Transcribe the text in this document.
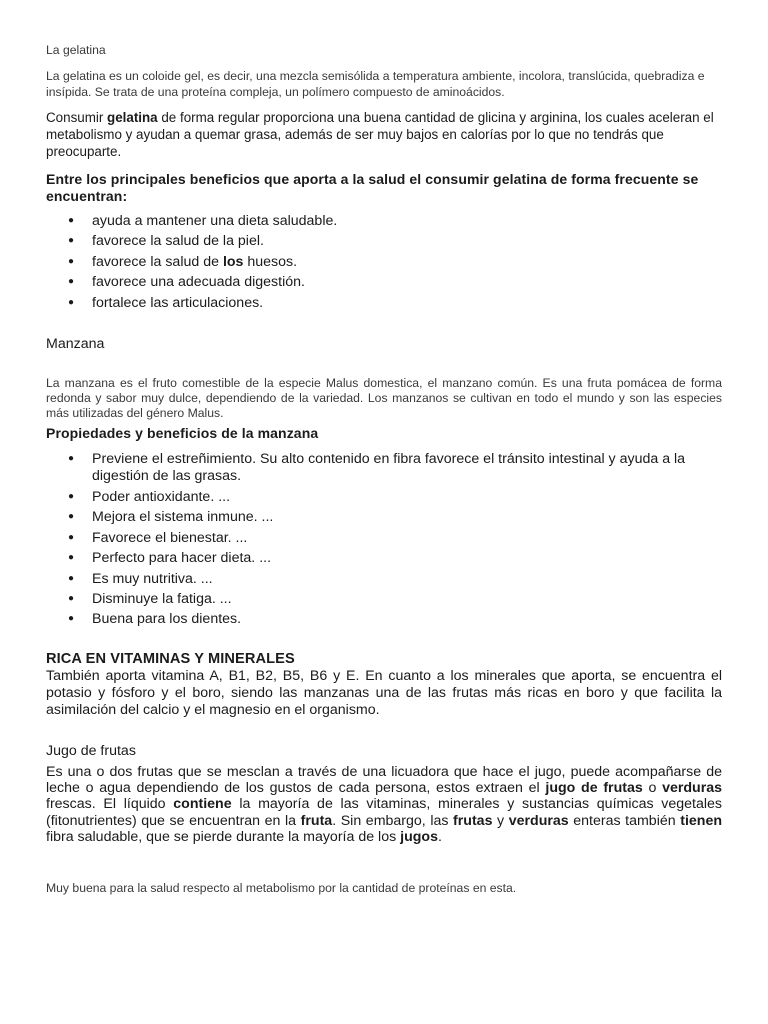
La gelatina

La gelatina es un coloide gel, es decir, una mezcla semisólida a temperatura ambiente, incolora, translúcida, quebradiza e insípida. Se trata de una proteína compleja, un polímero compuesto de aminoácidos.

Consumir gelatina de forma regular proporciona una buena cantidad de glicina y arginina, los cuales aceleran el metabolismo y ayudan a quemar grasa, además de ser muy bajos en calorías por lo que no tendrás que preocuparte.

Entre los principales beneficios que aporta a la salud el consumir gelatina de forma frecuente se encuentran:

● ayuda a mantener una dieta saludable.
● favorece la salud de la piel.
● favorece la salud de los huesos.
● favorece una adecuada digestión.
● fortalece las articulaciones.

Manzana

La manzana es el fruto comestible de la especie Malus domestica, el manzano común. Es una fruta pomácea de forma redonda y sabor muy dulce, dependiendo de la variedad. Los manzanos se cultivan en todo el mundo y son las especies más utilizadas del género Malus.

Propiedades y beneficios de la manzana

● Previene el estreñimiento. Su alto contenido en fibra favorece el tránsito intestinal y ayuda a la digestión de las grasas.
● Poder antioxidante. ...
● Mejora el sistema inmune. ...
● Favorece el bienestar. ...
● Perfecto para hacer dieta. ...
● Es muy nutritiva. ...
● Disminuye la fatiga. ...
● Buena para los dientes.

RICA EN VITAMINAS Y MINERALES

También aporta vitamina A, B1, B2, B5, B6 y E. En cuanto a los minerales que aporta, se encuentra el potasio y fósforo y el boro, siendo las manzanas una de las frutas más ricas en boro y que facilita la asimilación del calcio y el magnesio en el organismo.

Jugo de frutas

Es una o dos frutas que se mesclan a través de una licuadora que hace el jugo, puede acompañarse de leche o agua dependiendo de los gustos de cada persona, estos extraen el jugo de frutas o verduras frescas. El líquido contiene la mayoría de las vitaminas, minerales y sustancias químicas vegetales (fitonutrientes) que se encuentran en la fruta. Sin embargo, las frutas y verduras enteras también tienen fibra saludable, que se pierde durante la mayoría de los jugos.

Muy buena para la salud respecto al metabolismo por la cantidad de proteínas en esta.
